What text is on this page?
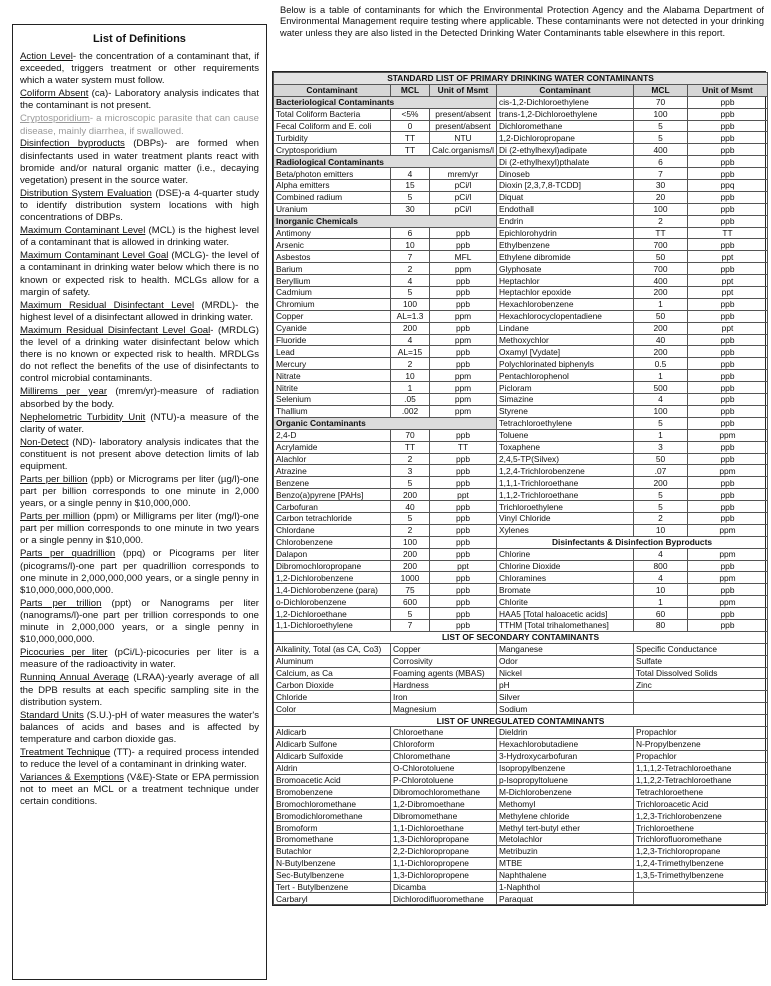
List of Definitions

Action Level- the concentration of a contaminant that, if exceeded, triggers treatment or other requirements which a water system must follow.

Coliform Absent (ca)- Laboratory analysis indicates that the contaminant is not present.

Cryptosporidium- a microscopic parasite that can cause disease, mainly diarrhea, if swallowed.

Disinfection byproducts (DBPs)- are formed when disinfectants used in water treatment plants react with bromide and/or natural organic matter (i.e., decaying vegetation) present in the source water.

Distribution System Evaluation (DSE)-a 4-quarter study to identify distribution system locations with high concentrations of DBPs.

Maximum Contaminant Level (MCL) is the highest level of a contaminant that is allowed in drinking water.

Maximum Contaminant Level Goal (MCLG)- the level of a contaminant in drinking water below which there is no known or expected risk to health. MCLGs allow for a margin of safety.

Maximum Residual Disinfectant Level (MRDL)- the highest level of a disinfectant allowed in drinking water.

Maximum Residual Disinfectant Level Goal- (MRDLG) the level of a drinking water disinfectant below which there is no known or expected risk to health. MRDLGs do not reflect the benefits of the use of disinfectants to control microbial contaminants.

Millirems per year (mrem/yr)-measure of radiation absorbed by the body.

Nephelometric Turbidity Unit (NTU)-a measure of the clarity of water.

Non-Detect (ND)- laboratory analysis indicates that the constituent is not present above detection limits of lab equipment.

Parts per billion (ppb) or Micrograms per liter (µg/l)-one part per billion corresponds to one minute in 2,000 years, or a single penny in $10,000,000.

Parts per million (ppm) or Milligrams per liter (mg/l)-one part per million corresponds to one minute in two years or a single penny in $10,000.

Parts per quadrillion (ppq) or Picograms per liter (picograms/l)-one part per quadrillion corresponds to one minute in 2,000,000,000 years, or a single penny in $10,000,000,000,000.

Parts per trillion (ppt) or Nanograms per liter (nanograms/l)-one part per trillion corresponds to one minute in 2,000,000 years, or a single penny in $10,000,000,000.

Picocuries per liter (pCi/L)-picocuries per liter is a measure of the radioactivity in water.

Running Annual Average (LRAA)-yearly average of all the DPB results at each specific sampling site in the distribution system.

Standard Units (S.U.)-pH of water measures the water's balances of acids and bases and is affected by temperature and carbon dioxide gas.

Treatment Technique (TT)- a required process intended to reduce the level of a contaminant in drinking water.

Variances & Exemptions (V&E)-State or EPA permission not to meet an MCL or a treatment technique under certain conditions.

Below is a table of contaminants for which the Environmental Protection Agency and the Alabama Department of Environmental Management require testing where applicable. These contaminants were not detected in your drinking water unless they are also listed in the Detected Drinking Water Contaminants table elsewhere in this report.
STANDARD LIST OF PRIMARY DRINKING WATER CONTAMINANTS					
Contaminant	MCL	Unit of Msmt	Contaminant	MCL	Unit of Msmt
Bacteriological Contaminants			cis-1,2-Dichloroethylene	70	ppb
Total Coliform Bacteria	<5%	present/absent	trans-1,2-Dichloroethylene	100	ppb
Fecal Coliform and E. coli	0	present/absent	Dichloromethane	5	ppb
Turbidity	TT	NTU	1,2-Dichloropropane	5	ppb
Cryptosporidium	TT	Calc.organisms/l	Di (2-ethylhexyl)adipate	400	ppb
Radiological Contaminants			Di (2-ethylhexyl)pthalate	6	ppb
Beta/photon emitters	4	mrem/yr	Dinoseb	7	ppb
Alpha emitters	15	pCi/l	Dioxin [2,3,7,8-TCDD]	30	ppq
Combined radium	5	pCi/l	Diquat	20	ppb
Uranium	30	pCi/l	Endothall	100	ppb
Inorganic Chemicals			Endrin	2	ppb
Antimony	6	ppb	Epichlorohydrin	TT	TT
Arsenic	10	ppb	Ethylbenzene	700	ppb
Asbestos	7	MFL	Ethylene dibromide	50	ppt
Barium	2	ppm	Glyphosate	700	ppb
Beryllium	4	ppb	Heptachlor	400	ppt
Cadmium	5	ppb	Heptachlor epoxide	200	ppt
Chromium	100	ppb	Hexachlorobenzene	1	ppb
Copper	AL=1.3	ppm	Hexachlorocyclopentadiene	50	ppb
Cyanide	200	ppb	Lindane	200	ppt
Fluoride	4	ppm	Methoxychlor	40	ppb
Lead	AL=15	ppb	Oxamyl [Vydate]	200	ppb
Mercury	2	ppb	Polychlorinated biphenyls	0.5	ppb
Nitrate	10	ppm	Pentachlorophenol	1	ppb
Nitrite	1	ppm	Picloram	500	ppb
Selenium	.05	ppm	Simazine	4	ppb
Thallium	.002	ppm	Styrene	100	ppb
Organic Contaminants			Tetrachloroethylene	5	ppb
2,4-D	70	ppb	Toluene	1	ppm
Acrylamide	TT	TT	Toxaphene	3	ppb
Alachlor	2	ppb	2,4,5-TP(Silvex)	50	ppb
Atrazine	3	ppb	1,2,4-Trichlorobenzene	.07	ppm
Benzene	5	ppb	1,1,1-Trichloroethane	200	ppb
Benzo(a)pyrene [PAHs]	200	ppt	1,1,2-Trichloroethane	5	ppb
Carbofuran	40	ppb	Trichloroethylene	5	ppb
Carbon tetrachloride	5	ppb	Vinyl Chloride	2	ppb
Chlordane	2	ppb	Xylenes	10	ppm
Chlorobenzene	100	ppb	Disinfectants & Disinfection Byproducts		
Dalapon	200	ppb	Chlorine	4	ppm
Dibromochloropropane	200	ppt	Chlorine Dioxide	800	ppb
1,2-Dichlorobenzene	1000	ppb	Chloramines	4	ppm
1,4-Dichlorobenzene (para)	75	ppb	Bromate	10	ppb
o-Dichlorobenzene	600	ppb	Chlorite	1	ppm
1,2-Dichloroethane	5	ppb	HAA5 [Total haloacetic acids]	60	ppb
1,1-Dichloroethylene	7	ppb	TTHM [Total trihalomethanes]	80	ppb
LIST OF SECONDARY CONTAMINANTS					
Alkalinity, Total (as CA, Co3)	Copper		Manganese	Specific Conductance	
Aluminum	Corrosivity		Odor	Sulfate	
Calcium, as Ca	Foaming agents (MBAS)		Nickel	Total Dissolved Solids	
Carbon Dioxide	Hardness		pH	Zinc	
Chloride	Iron		Silver		
Color	Magnesium		Sodium		
LIST OF UNREGULATED CONTAMINANTS					
Aldicarb	Chloroethane		Dieldrin	Propachlor	
Aldicarb Sulfone	Chloroform		Hexachlorobutadiene	N-Propylbenzene	
Aldicarb Sulfoxide	Chloromethane		3-Hydroxycarbofuran	Propachlor	
Aldrin	O-Chlorotoluene		Isopropylbenzene	1,1,1,2-Tetrachloroethane	
Bromoacetic Acid	P-Chlorotoluene		p-Isopropyltoluene	1,1,2,2-Tetrachloroethane	
Bromobenzene	Dibromochloromethane		M-Dichlorobenzene	Tetrachloroethene	
Bromochloromethane	1,2-Dibromoethane		Methomyl	Trichloroacetic Acid	
Bromodichloromethane	Dibromomethane		Methylene chloride	1,2,3-Trichlorobenzene	
Bromoform	1,1-Dichloroethane		Methyl tert-butyl ether	Trichloroethene	
Bromomethane	1,3-Dichloropropane		Metolachlor	Trichlorofluoromethane	
Butachlor	2,2-Dichloropropane		Metribuzin	1,2,3-Trichloropropane	
N-Butylbenzene	1,1-Dichloropropene		MTBE	1,2,4-Trimethylbenzene	
Sec-Butylbenzene	1,3-Dichloropropene		Naphthalene	1,3,5-Trimethylbenzene	
Tert - Butylbenzene	Dicamba		1-Naphthol		
Carbaryl	Dichlorodifluoromethane		Paraquat		
